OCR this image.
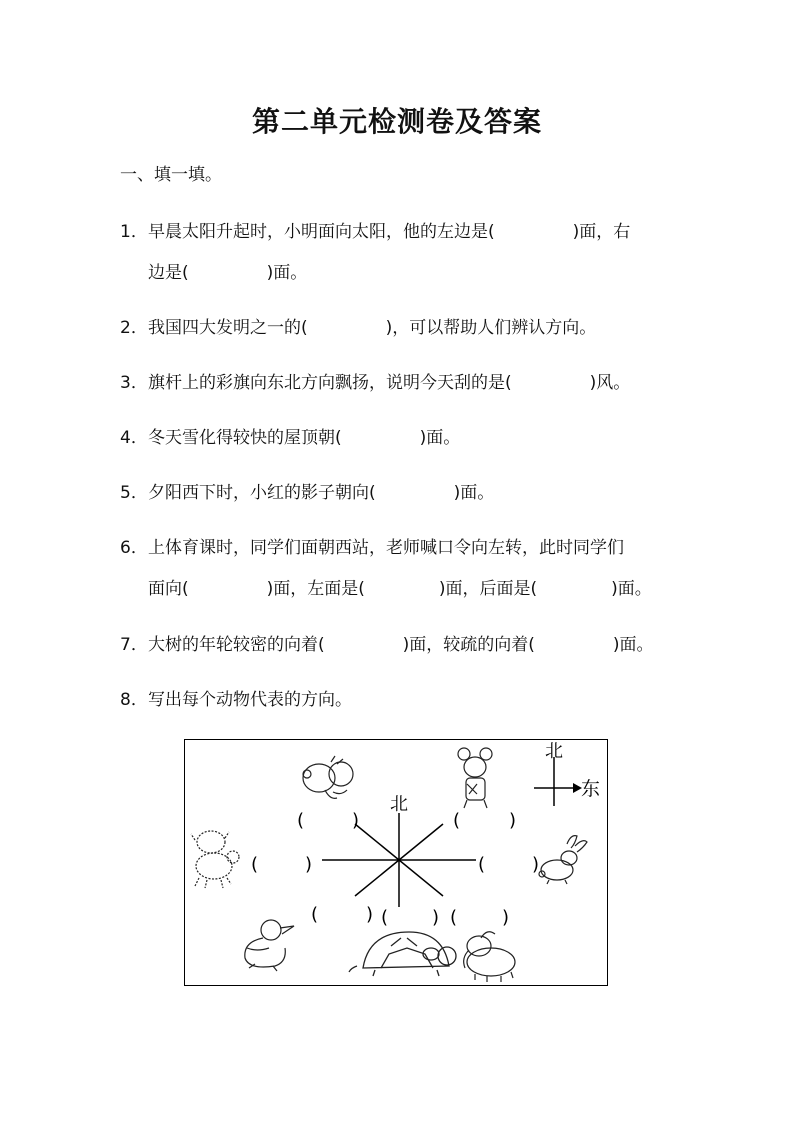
第二单元检测卷及答案
一、填一填。
1．早晨太阳升起时，小明面向太阳，他的左边是(	)面，右
边是(	)面。
2．我国四大发明之一的(	)，可以帮助人们辨认方向。
3．旗杆上的彩旗向东北方向飘扬，说明今天刮的是(	)风。
4．冬天雪化得较快的屋顶朝(	)面。
5．夕阳西下时，小红的影子朝向(	)面。
6．上体育课时，同学们面朝西站，老师喊口令向左转，此时同学们
面向(	)面，左面是(	)面，后面是(	)面。
7．大树的年轮较密的向着(	)面，较疏的向着(	)面。
8．写出每个动物代表的方向。
北
北
东
(	)	(	)
(	)	(	)
(	) ( ) ( )
